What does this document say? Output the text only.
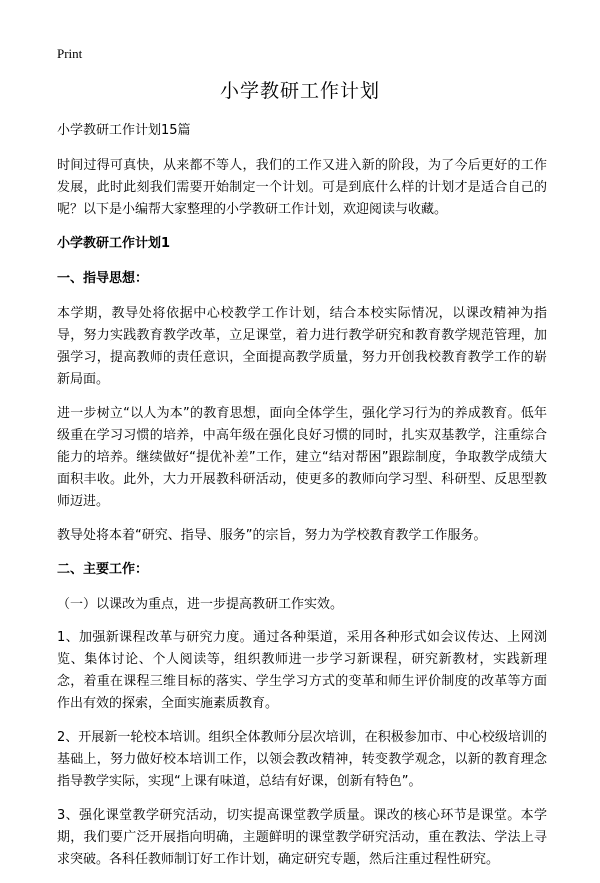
Print
小学教研工作计划

小学教研工作计划15篇

时间过得可真快，从来都不等人，我们的工作又进入新的阶段，为了今后更好的工作发展，此时此刻我们需要开始制定一个计划。可是到底什么样的计划才是适合自己的呢？以下是小编帮大家整理的小学教研工作计划，欢迎阅读与收藏。

小学教研工作计划1

一、指导思想：

本学期，教导处将依据中心校教学工作计划，结合本校实际情况，以课改精神为指导，努力实践教育教学改革，立足课堂，着力进行教学研究和教育教学规范管理，加强学习，提高教师的责任意识，全面提高教学质量，努力开创我校教育教学工作的崭新局面。

进一步树立“以人为本”的教育思想，面向全体学生，强化学习行为的养成教育。低年级重在学习习惯的培养，中高年级在强化良好习惯的同时，扎实双基教学，注重综合能力的培养。继续做好“提优补差”工作，建立“结对帮困”跟踪制度，争取教学成绩大面积丰收。此外，大力开展教科研活动，使更多的教师向学习型、科研型、反思型教师迈进。

教导处将本着“研究、指导、服务”的宗旨，努力为学校教育教学工作服务。

二、主要工作：

（一）以课改为重点，进一步提高教研工作实效。

1、加强新课程改革与研究力度。通过各种渠道，采用各种形式如会议传达、上网浏览、集体讨论、个人阅读等，组织教师进一步学习新课程，研究新教材，实践新理念，着重在课程三维目标的落实、学生学习方式的变革和师生评价制度的改革等方面作出有效的探索，全面实施素质教育。

2、开展新一轮校本培训。组织全体教师分层次培训，在积极参加市、中心校级培训的基础上，努力做好校本培训工作，以领会教改精神，转变教学观念，以新的教育理念指导教学实际，实现“上课有味道，总结有好课，创新有特色”。

3、强化课堂教学研究活动，切实提高课堂教学质量。课改的核心环节是课堂。本学期，我们要广泛开展指向明确，主题鲜明的课堂教学研究活动，重在教法、学法上寻求突破。各科任教师制订好工作计划，确定研究专题，然后注重过程性研究。
